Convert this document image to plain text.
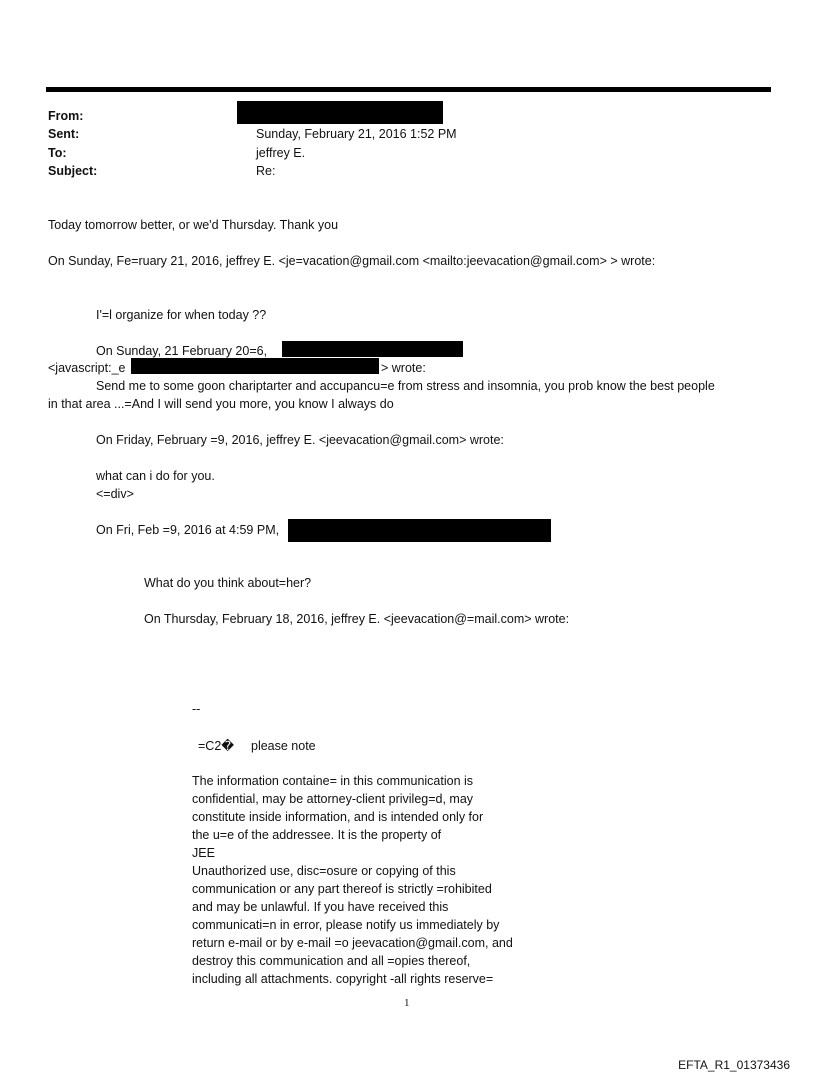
From:
Sent:	Sunday, February 21, 2016 1:52 PM
To:	jeffrey E.
Subject:	Re:
Today tomorrow better, or we'd Thursday. Thank you
On Sunday, Fe=ruary 21, 2016, jeffrey E. <je=vacation@gmail.com <mailto:jeevacation@gmail.com> > wrote:
I'=l organize for when today ??
On Sunday, 21 February 20=6,
<javascript:_e	> wrote:
Send me to some goon charіptarter and accupancu=e from stress and insomnia, you prob know the best people
in that area ...=And I will send you more, you know I always do
On Friday, February =9, 2016, jeffrey E. <jeevacation@gmail.com> wrote:
what can i do for you.
<=div>
On Fri, Feb =9, 2016 at 4:59 PM,
What do you think about=her?
On Thursday, February 18, 2016, jeffrey E. <jeevacation@=mail.com> wrote:
--
=C2� please note
The information containe= in this communication is
confidential, may be attorney-client privileg=d, may
constitute inside information, and is intended only for
the u=e of the addressee. It is the property of
JEE
Unauthorized use, disc=osure or copying of this
communication or any part thereof is strictly =rohibited
and may be unlawful. If you have received this
communicati=n in error, please notify us immediately by
return e-mail or by e-mail =o jeevacation@gmail.com, and
destroy this communication and all =opies thereof,
including all attachments. copyright -all rights reserve=
1
EFTA_R1_01373436
